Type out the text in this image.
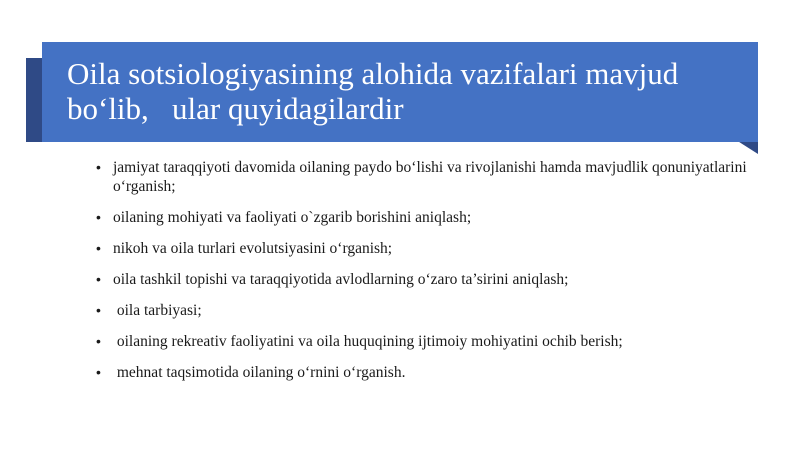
Oila sotsiologiyasining alohida vazifalari mavjud bo‘lib,   ular quyidagilardir
• jamiyat taraqqiyoti davomida oilaning paydo bo‘lishi va rivojlanishi hamda mavjudlik qonuniyatlarini o‘rganish;
• oilaning mohiyati va faoliyati o`zgarib borishini aniqlash;
• nikoh va oila turlari evolutsiyasini o‘rganish;
• oila tashkil topishi va taraqqiyotida avlodlarning o‘zaro ta’sirini aniqlash;
•  oila tarbiyasi;
•  oilaning rekreativ faoliyatini va oila huquqining ijtimoiy mohiyatini ochib berish;
•  mehnat taqsimotida oilaning o‘rnini o‘rganish.
